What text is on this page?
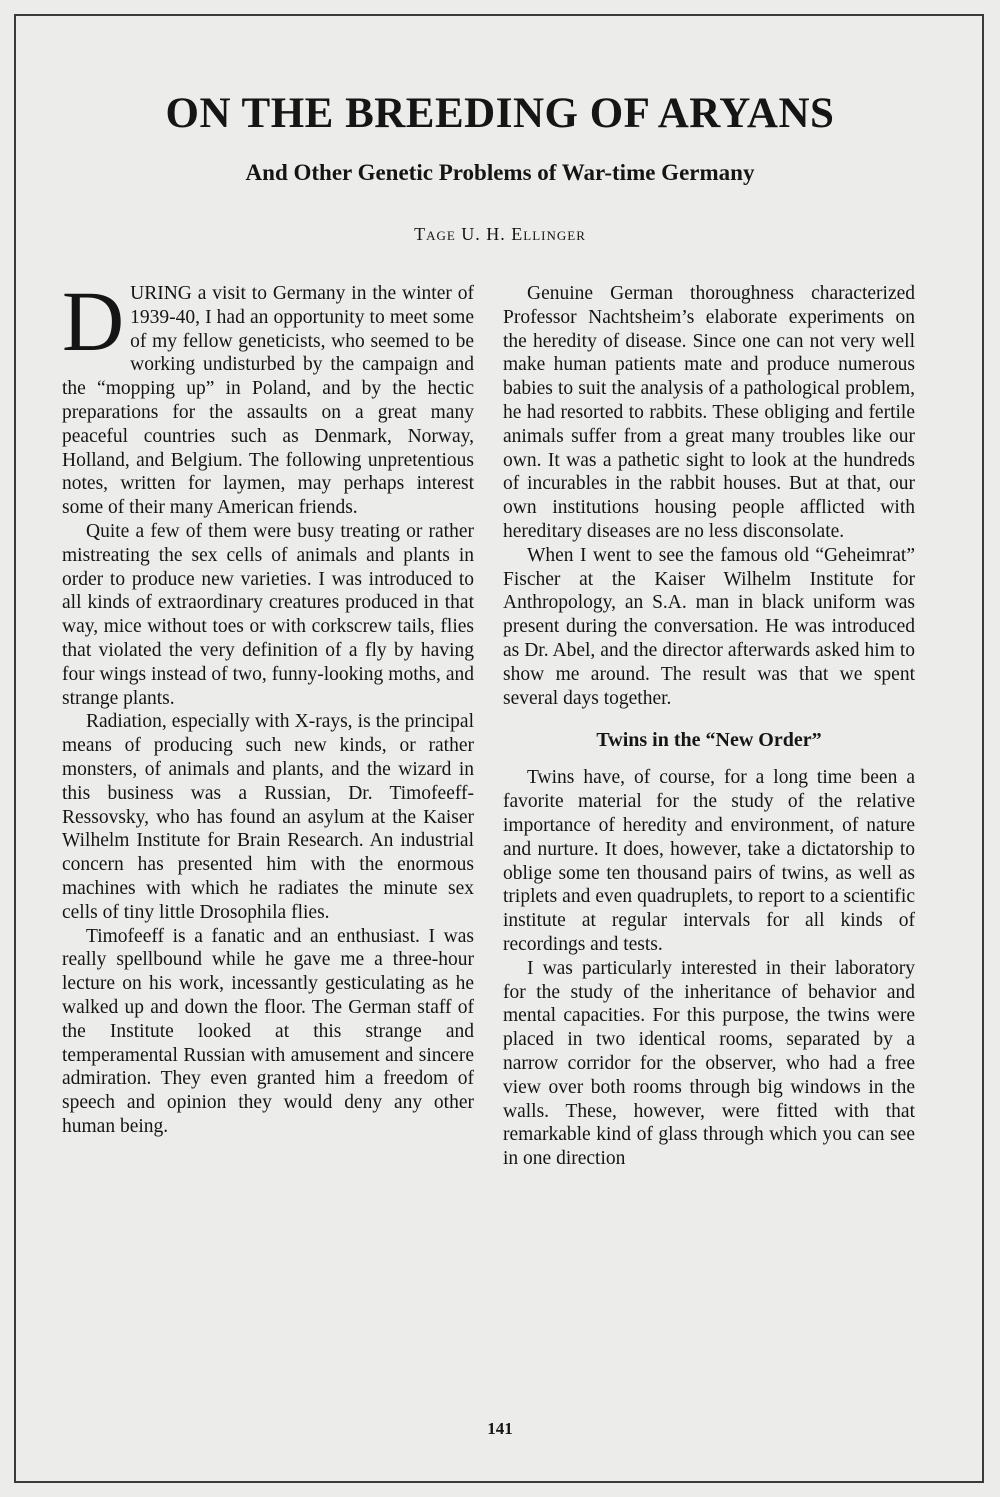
ON THE BREEDING OF ARYANS
And Other Genetic Problems of War-time Germany
Tage U. H. Ellinger

DURING a visit to Germany in the winter of 1939-40, I had an opportunity to meet some of my fellow geneticists, who seemed to be working undisturbed by the campaign and the “mopping up” in Poland, and by the hectic preparations for the assaults on a great many peaceful countries such as Denmark, Norway, Holland, and Belgium. The following unpretentious notes, written for laymen, may perhaps interest some of their many American friends.

Quite a few of them were busy treating or rather mistreating the sex cells of animals and plants in order to produce new varieties. I was introduced to all kinds of extraordinary creatures produced in that way, mice without toes or with corkscrew tails, flies that violated the very definition of a fly by having four wings instead of two, funny-looking moths, and strange plants.

Radiation, especially with X-rays, is the principal means of producing such new kinds, or rather monsters, of animals and plants, and the wizard in this business was a Russian, Dr. Timofeeff-Ressovsky, who has found an asylum at the Kaiser Wilhelm Institute for Brain Research. An industrial concern has presented him with the enormous machines with which he radiates the minute sex cells of tiny little Drosophila flies.

Timofeeff is a fanatic and an enthusiast. I was really spellbound while he gave me a three-hour lecture on his work, incessantly gesticulating as he walked up and down the floor. The German staff of the Institute looked at this strange and temperamental Russian with amusement and sincere admiration. They even granted him a freedom of speech and opinion they would deny any other human being.

Genuine German thoroughness characterized Professor Nachtsheim’s elaborate experiments on the heredity of disease. Since one can not very well make human patients mate and produce numerous babies to suit the analysis of a pathological problem, he had resorted to rabbits. These obliging and fertile animals suffer from a great many troubles like our own. It was a pathetic sight to look at the hundreds of incurables in the rabbit houses. But at that, our own institutions housing people afflicted with hereditary diseases are no less disconsolate.

When I went to see the famous old “Geheimrat” Fischer at the Kaiser Wilhelm Institute for Anthropology, an S.A. man in black uniform was present during the conversation. He was introduced as Dr. Abel, and the director afterwards asked him to show me around. The result was that we spent several days together.

Twins in the “New Order”

Twins have, of course, for a long time been a favorite material for the study of the relative importance of heredity and environment, of nature and nurture. It does, however, take a dictatorship to oblige some ten thousand pairs of twins, as well as triplets and even quadruplets, to report to a scientific institute at regular intervals for all kinds of recordings and tests.

I was particularly interested in their laboratory for the study of the inheritance of behavior and mental capacities. For this purpose, the twins were placed in two identical rooms, separated by a narrow corridor for the observer, who had a free view over both rooms through big windows in the walls. These, however, were fitted with that remarkable kind of glass through which you can see in one direction

141
